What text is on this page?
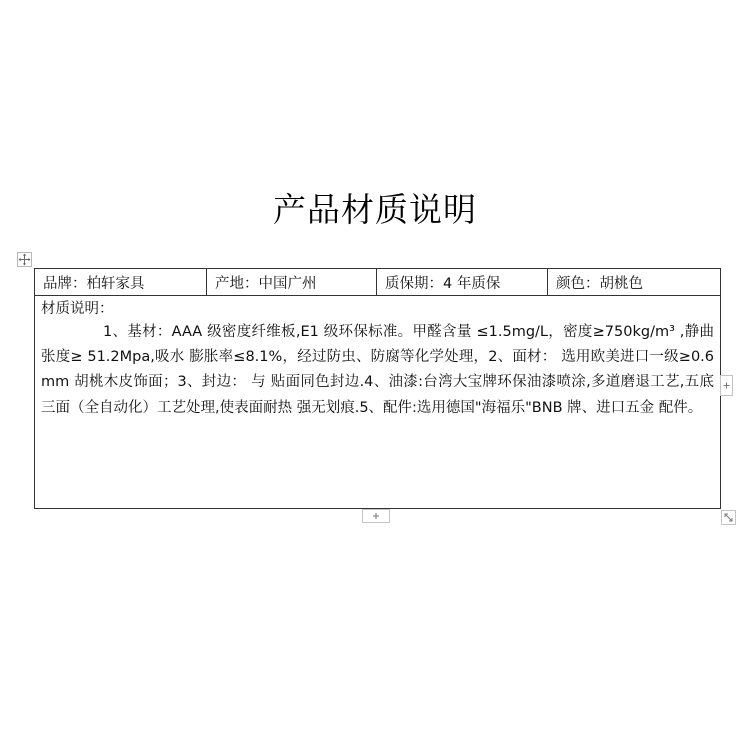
产品材质说明
品牌：柏轩家具	产地：中国广州	质保期：4 年质保	颜色：胡桃色

材质说明：
1、基材：AAA 级密度纤维板,E1 级环保标准。甲醛含量 ≤1.5mg/L，密度≥750kg/m³ ,静曲张度≥ 51.2Mpa,吸水 膨胀率≤8.1%，经过防虫、防腐等化学处理，2、面材： 选用欧美进口一级≥0.6mm 胡桃木皮饰面；3、封边： 与 贴面同色封边.4、油漆:台湾大宝牌环保油漆喷涂,多道磨退工艺,五底三面（全自动化）工艺处理,使表面耐热 强无划痕.5、配件:选用德国"海福乐"BNB 牌、进口五金 配件。
